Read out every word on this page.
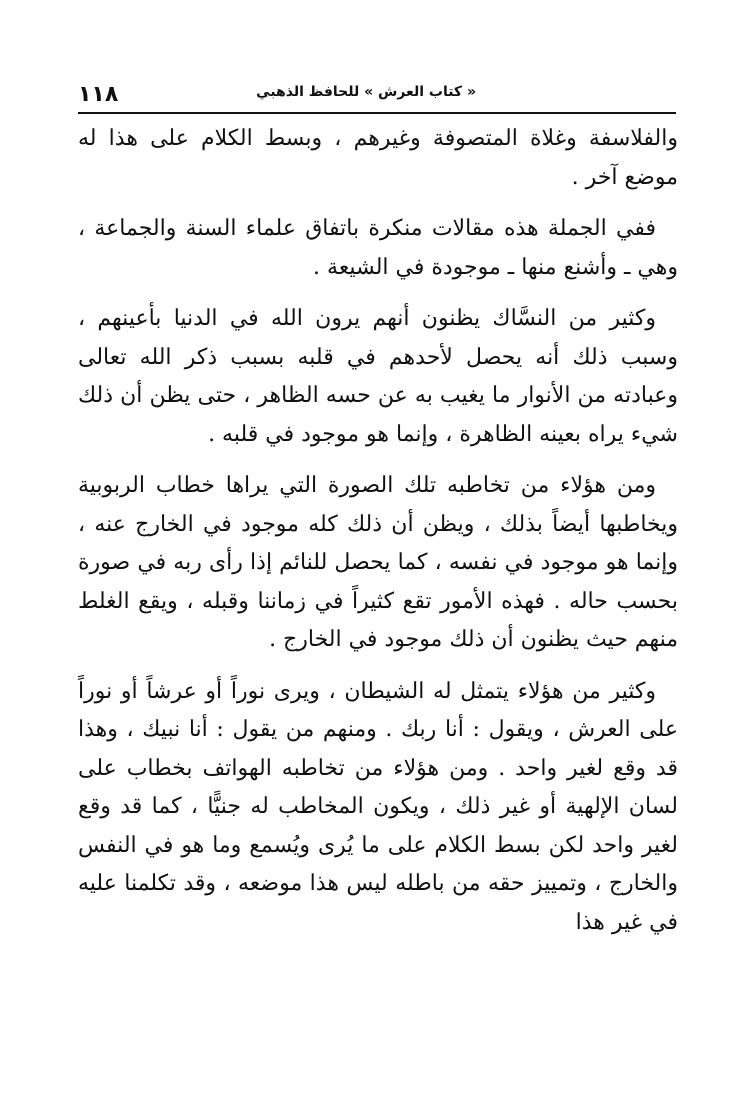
١١٨	« كتاب العرش » للحافظ الذهبي

والفلاسفة وغلاة المتصوفة وغيرهم ، وبسط الكلام على هذا له موضع آخر .

ففي الجملة هذه مقالات منكرة باتفاق علماء السنة والجماعة ، وهي ـ وأشنع منها ـ موجودة في الشيعة .

وكثير من النسَّاك يظنون أنهم يرون الله في الدنيا بأعينهم ، وسبب ذلك أنه يحصل لأحدهم في قلبه بسبب ذكر الله تعالى وعبادته من الأنوار ما يغيب به عن حسه الظاهر ، حتى يظن أن ذلك شيء يراه بعينه الظاهرة ، وإنما هو موجود في قلبه .

ومن هؤلاء من تخاطبه تلك الصورة التي يراها خطاب الربوبية ويخاطبها أيضاً بذلك ، ويظن أن ذلك كله موجود في الخارج عنه ، وإنما هو موجود في نفسه ، كما يحصل للنائم إذا رأى ربه في صورة بحسب حاله . فهذه الأمور تقع كثيراً في زماننا وقبله ، ويقع الغلط منهم حيث يظنون أن ذلك موجود في الخارج .

وكثير من هؤلاء يتمثل له الشيطان ، ويرى نوراً أو عرشاً أو نوراً على العرش ، ويقول : أنا ربك . ومنهم من يقول : أنا نبيك ، وهذا قد وقع لغير واحد . ومن هؤلاء من تخاطبه الهواتف بخطاب على لسان الإلهية أو غير ذلك ، ويكون المخاطب له جنيًّا ، كما قد وقع لغير واحد لكن بسط الكلام على ما يُرى ويُسمع وما هو في النفس والخارج ، وتمييز حقه من باطله ليس هذا موضعه ، وقد تكلمنا عليه في غير هذا
